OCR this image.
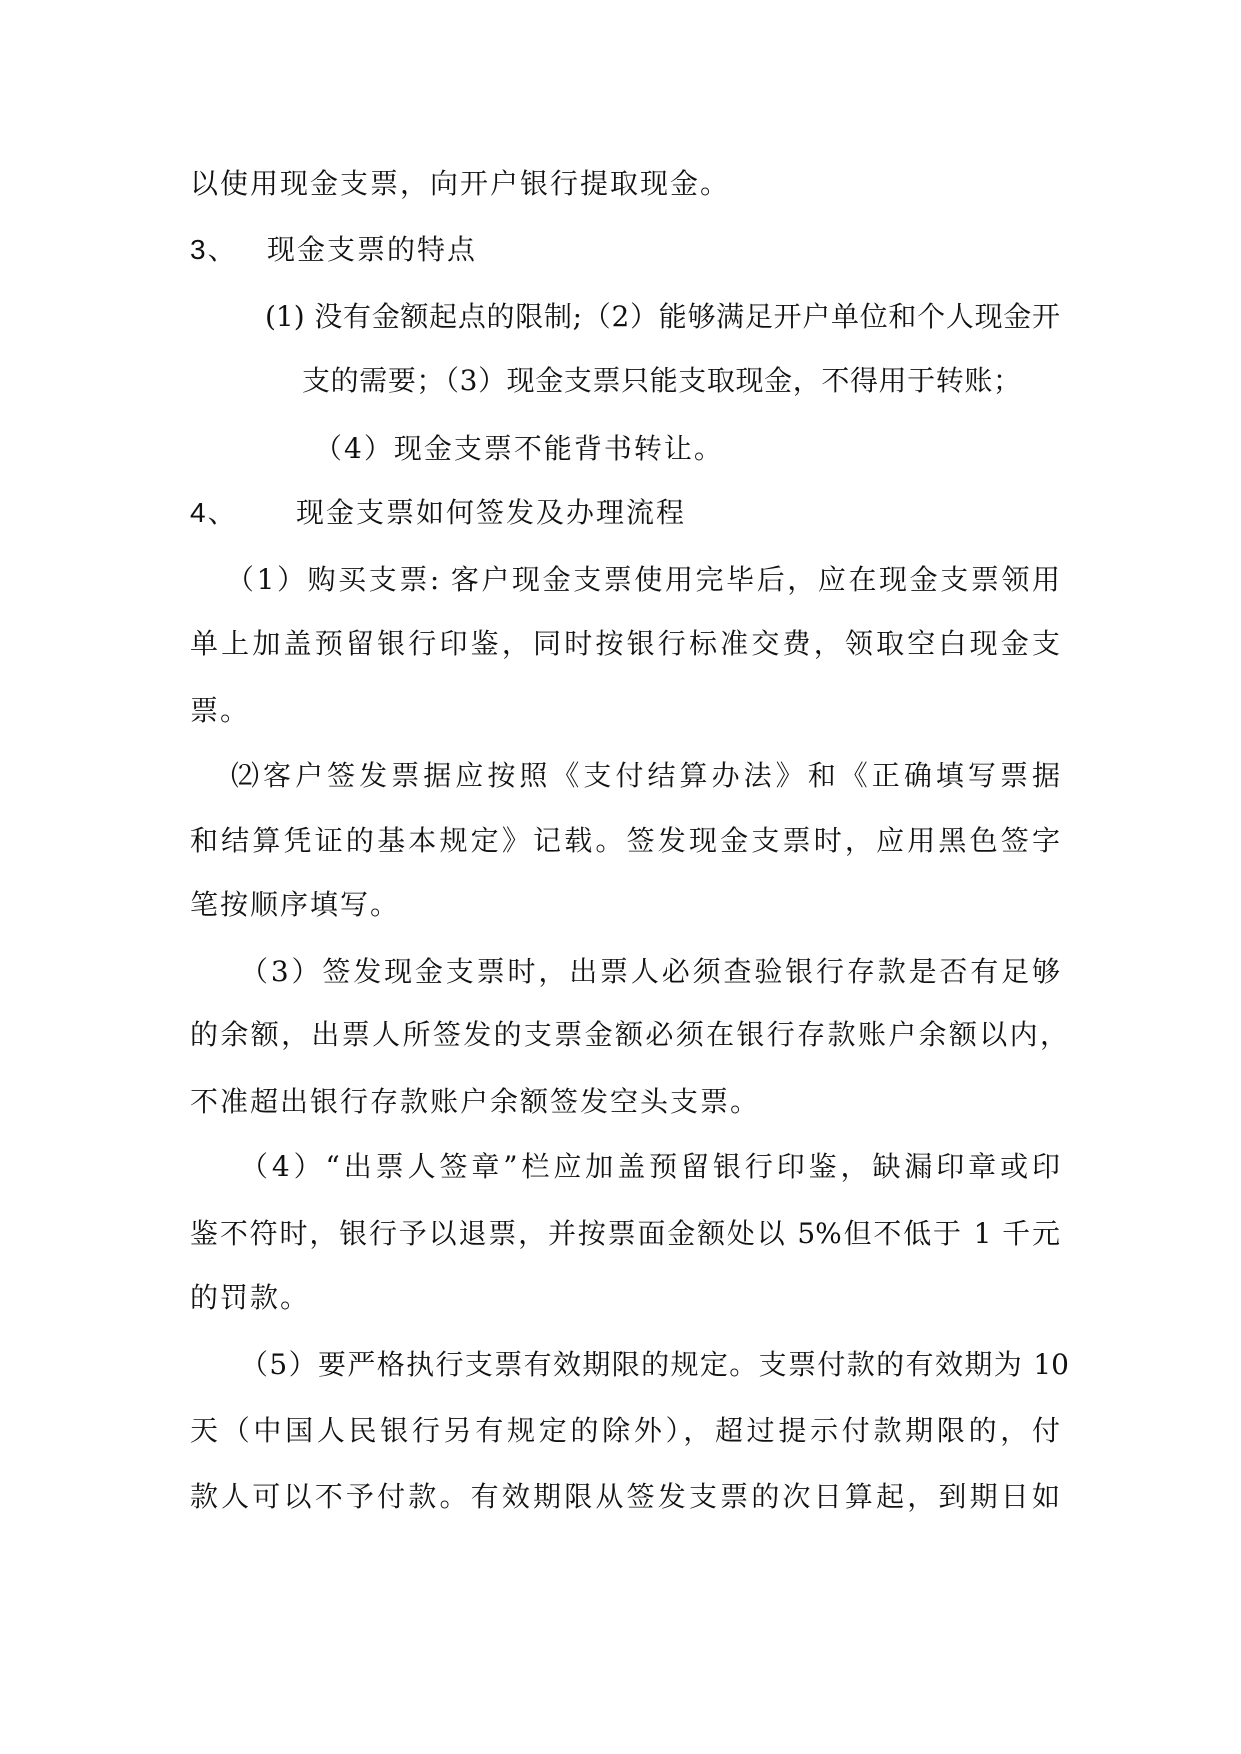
以使用现金支票，向开户银行提取现金。
3、 现金支票的特点
(1) 没有金额起点的限制;（2）能够满足开户单位和个人现金开
支的需要；（3）现金支票只能支取现金，不得用于转账；
（4）现金支票不能背书转让。
4、 现金支票如何签发及办理流程
（1）购买支票: 客户现金支票使用完毕后，应在现金支票领用
单上加盖预留银行印鉴，同时按银行标准交费，领取空白现金支
票。
⑵客户签发票据应按照《支付结算办法》和《正确填写票据
和结算凭证的基本规定》记载。签发现金支票时，应用黑色签字
笔按顺序填写。
（3）签发现金支票时，出票人必须查验银行存款是否有足够
的余额，出票人所签发的支票金额必须在银行存款账户余额以内，
不准超出银行存款账户余额签发空头支票。
（4）“出票人签章”栏应加盖预留银行印鉴，缺漏印章或印
鉴不符时，银行予以退票，并按票面金额处以 5%但不低于 1 千元
的罚款。
（5）要严格执行支票有效期限的规定。支票付款的有效期为 10
天（中国人民银行另有规定的除外），超过提示付款期限的，付
款人可以不予付款。有效期限从签发支票的次日算起，到期日如
